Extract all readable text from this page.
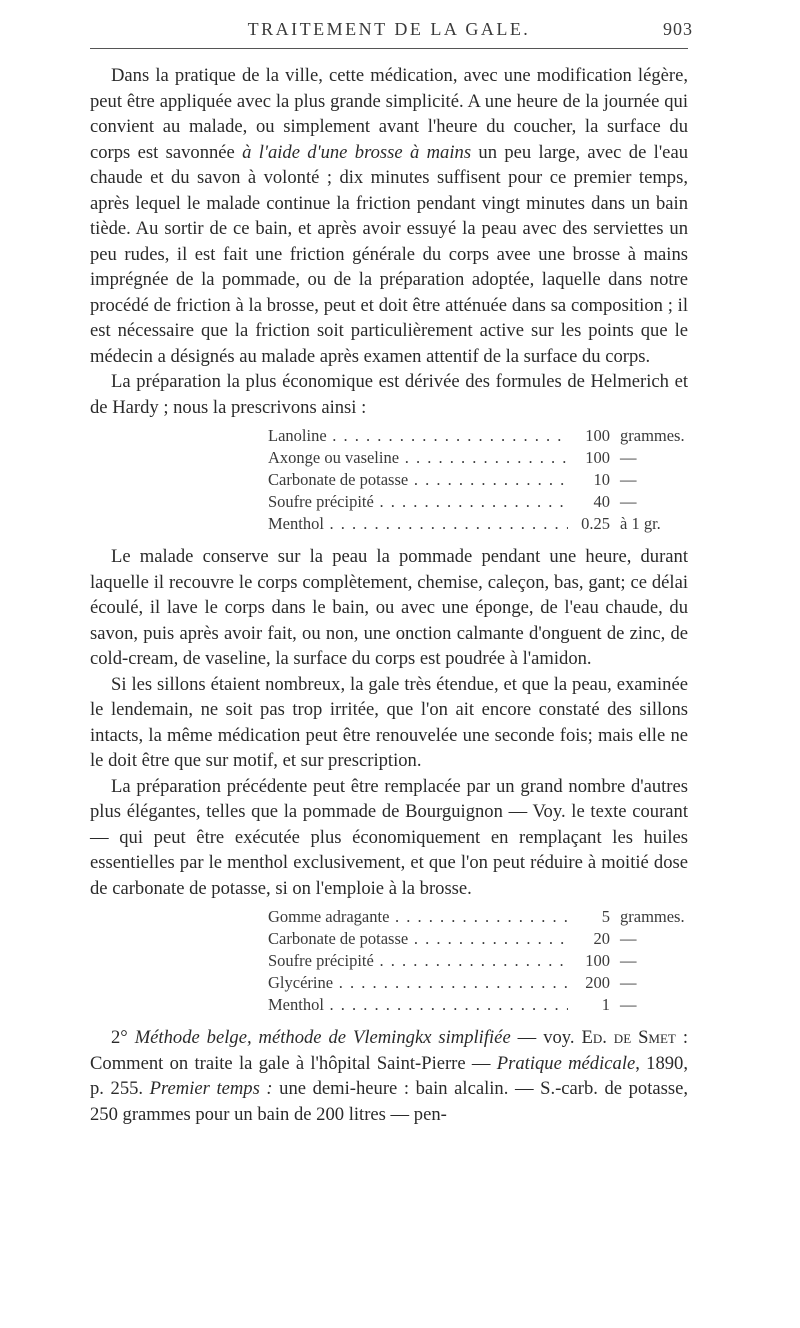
TRAITEMENT DE LA GALE.	903

Dans la pratique de la ville, cette médication, avec une modification légère, peut être appliquée avec la plus grande simplicité. A une heure de la journée qui convient au malade, ou simplement avant l'heure du coucher, la surface du corps est savonnée à l'aide d'une brosse à mains un peu large, avec de l'eau chaude et du savon à volonté ; dix minutes suffisent pour ce premier temps, après lequel le malade continue la friction pendant vingt minutes dans un bain tiède. Au sortir de ce bain, et après avoir essuyé la peau avec des serviettes un peu rudes, il est fait une friction générale du corps avee une brosse à mains imprégnée de la pommade, ou de la préparation adoptée, laquelle dans notre procédé de friction à la brosse, peut et doit être atténuée dans sa composition ; il est nécessaire que la friction soit particulièrement active sur les points que le médecin a désignés au malade après examen attentif de la surface du corps.

La préparation la plus économique est dérivée des formules de Helmerich et de Hardy ; nous la prescrivons ainsi :

Lanoline . . .	100 grammes.
Axonge ou vaseline . . .	100 —
Carbonate de potasse . . .	10 —
Soufre précipité . . .	40 —
Menthol . . .	0.25 à 1 gr.

Le malade conserve sur la peau la pommade pendant une heure, durant laquelle il recouvre le corps complètement, chemise, caleçon, bas, gant; ce délai écoulé, il lave le corps dans le bain, ou avec une éponge, de l'eau chaude, du savon, puis après avoir fait, ou non, une onction calmante d'onguent de zinc, de cold-cream, de vaseline, la surface du corps est poudrée à l'amidon.

Si les sillons étaient nombreux, la gale très étendue, et que la peau, examinée le lendemain, ne soit pas trop irritée, que l'on ait encore constaté des sillons intacts, la même médication peut être renouvelée une seconde fois; mais elle ne le doit être que sur motif, et sur prescription.

La préparation précédente peut être remplacée par un grand nombre d'autres plus élégantes, telles que la pommade de Bourguignon — Voy. le texte courant — qui peut être exécutée plus économiquement en remplaçant les huiles essentielles par le menthol exclusivement, et que l'on peut réduire à moitié dose de carbonate de potasse, si on l'emploie à la brosse.

Gomme adragante . . .	5 grammes.
Carbonate de potasse . . .	20 —
Soufre précipité . . .	100 —
Glycérine . . .	200 —
Menthol . . .	1 —

2° Méthode belge, méthode de Vlemingkx simplifiée — voy. Ed. de Smet : Comment on traite la gale à l'hôpital Saint-Pierre — Pratique médicale, 1890, p. 255. Premier temps : une demi-heure : bain alcalin. — S.-carb. de potasse, 250 grammes pour un bain de 200 litres — pen-
